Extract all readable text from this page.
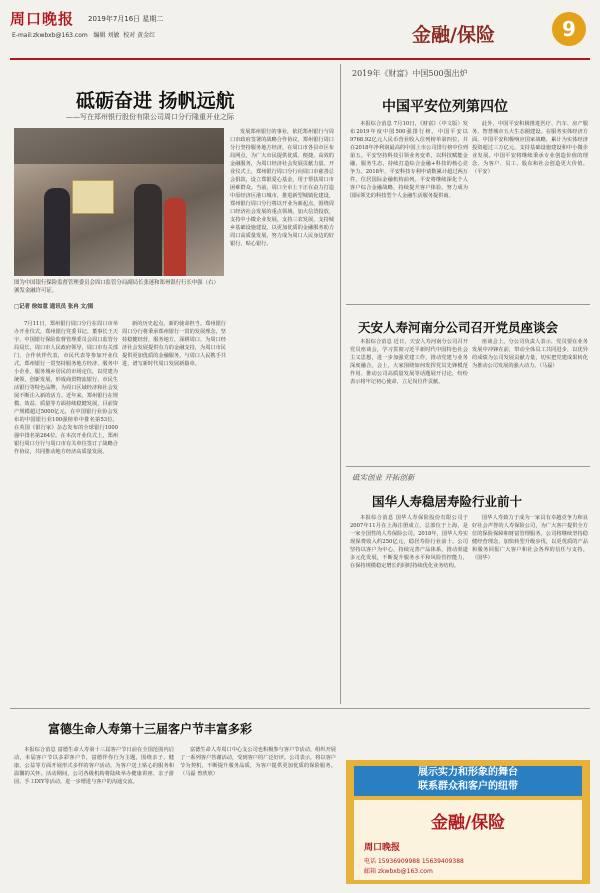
周口晚报 2019年7月16日 星期二
E-mail:zkwbxb@163.com 编辑 刘敏 校对 黄金红	金融/保险	9
砥砺奋进 扬帆远航
——写在郑州银行股份有限公司周口分行隆重开业之际
图为中国银行保险监督管理委员会周口监管分局副局长张迷和郑州银行行长申强（右）颁发金融许可证。
□记者 徐如意 通讯员 张冉 文/图
7月11日，郑州银行周口分行在周口市举办开业仪式，郑州银行党委书记、董事长王天宇，中国银行保险监督管理委员会周口监管分局局长，周口市人民政府领导，周口市有关部门、合作伙伴代表，市民代表等参加开业仪式。郑州银行一贯坚持服务地方经济、服务中小企业、服务城乡居民的市场定位，以党建为统领，创新发展，形成商贸物流银行、市民生活银行等特色品牌，为周口区域经济和社会发展不断注入新的活力。近年来，郑州银行在规模、效益、质量等方面持续稳健发展，目前资产规模超过5000亿元，在中国银行业协会发布的中国银行业100强榜单中排名第53位，在英国《银行家》杂志发布的全球银行1000强中排名第264位。在本次开业仪式上，郑州银行周口分行与周口市有关单位签订了战略合作协议，共同推动地方经济高质量发展。
新的历史起点，新的使命担当。郑州银行周口分行将秉承郑州银行一贯的发展理念，坚持稳健经营，服务地方，深耕周口，为周口经济社会发展提供有力的金融支持，为周口市民提供更加优质的金融服务，与周口人民携手共进，谱写新时代周口发展新篇章。
发展郑州银行的事业，依托郑州银行与周口市政府签署的战略合作协议，郑州银行周口分行坚持服务地方经济，在周口市各县市区布局网点，为广大市民提供优质、便捷、高效的金融服务，为周口经济社会发展贡献力量。开业仪式上，郑州银行周口分行向周口市慈善总会捐款，设立郑银爱心基金，用于帮扶周口市困难群众。当前，周口全市上下正在奋力打造中原经济区港口城市，推进新型城镇化建设，郑州银行周口分行将以开业为新起点，围绕周口经济社会发展的重点领域，加大信贷投放，支持中小微企业发展，支持三农发展，支持城乡基础设施建设，以更加优质的金融服务助力周口高质量发展，努力成为周口人民身边的好银行、贴心银行。
2019年《财富》中国500强出炉
中国平安位列第四位
本报综合消息 7月10日，《财富》（中文版）发布2019年度中国500强排行榜。中国平安以9768.92亿元人民币营业收入位列榜单第四位，并在2018年净利润最高的中国上市公司排行榜中位列第五。平安坚持科技引领业务变革，以科技赋能金融、服务生态，持续打造综合金融+科技的核心竞争力。2018年，平安科技专利申请数累计超过两万件，位居国际金融机构前列。平安将继续深化个人客户综合金融战略，持续提升客户体验，努力成为国际领先的科技型个人金融生活服务提供商。
此外，中国平安积极推进医疗、汽车、房产服务、智慧城市五大生态圈建设。在服务实体经济方面，中国平安积极响应国家战略，累计为实体经济投资超过三万亿元，支持基础设施建设和中小微企业发展。中国平安将继续秉承专业创造价值的理念，为客户、员工、股东和社会创造更大价值。（平安）
天安人寿河南分公司召开党员座谈会
本报综合消息 近日，天安人寿河南分公司召开党员座谈会，学习贯彻习近平新时代中国特色社会主义思想，进一步加强党建工作，推动党建与业务深度融合。会上，大家围绕如何发挥党员先锋模范作用、推动公司高质量发展等话题展开讨论，纷纷表示将牢记初心使命，立足岗位作贡献。
座谈会上，分公司负责人表示，党员要在业务发展中冲锋在前，带动全体员工共同进步，以优异的成绩为公司发展贡献力量，切实把党建成果转化为推动公司发展的强大动力。（马磊）
砥实创业 开拓创新
国华人寿稳居寿险行业前十
本报综合消息 国华人寿保险股份有限公司于2007年11月在上海注册成立，总部位于上海，是一家全国性的人寿保险公司。2018年，国华人寿实现保费收入约250亿元，稳居寿险行业前十。公司坚持以客户为中心，持续完善产品体系，推动渠道多元化发展，不断提升服务水平和风险管控能力，在保持规模稳定增长的同时持续优化业务结构。
国华人寿致力于成为一家具有卓越竞争力和良好社会声誉的人寿保险公司，为广大客户提供全方位的保险保障和财富管理服务。公司将继续坚持稳健经营理念，加快转型升级步伐，以更优质的产品和服务回报广大客户和社会各界的信任与支持。（国华）
富德生命人寿第十三届客户节丰富多彩
本报综合消息 富德生命人寿第十三届客户节日前在全国范围内启动，本届客户节以多彩客户节，富德伴你行为主题，围绕亲子、健康、公益等方面开展形式多样的客户活动，为客户送上贴心的服务和温馨的关怀。活动期间，公司各级机构将陆续举办健康讲座、亲子游园、手工DIY等活动，进一步增进与客户的沟通交流。
富德生命人寿周口中心支公司也积极参与客户节活动，组织开展了一系列客户答谢活动，受到客户的广泛好评。公司表示，将以客户节为契机，不断提升服务品质，为客户提供更加优质的保险服务。（马磊 曾欣欣）	展示实力和形象的舞台
联系群众和客户的纽带
金融/保险
周口晚报
电话 15936909988 15639409388
邮箱 zkwbxb@163.com
